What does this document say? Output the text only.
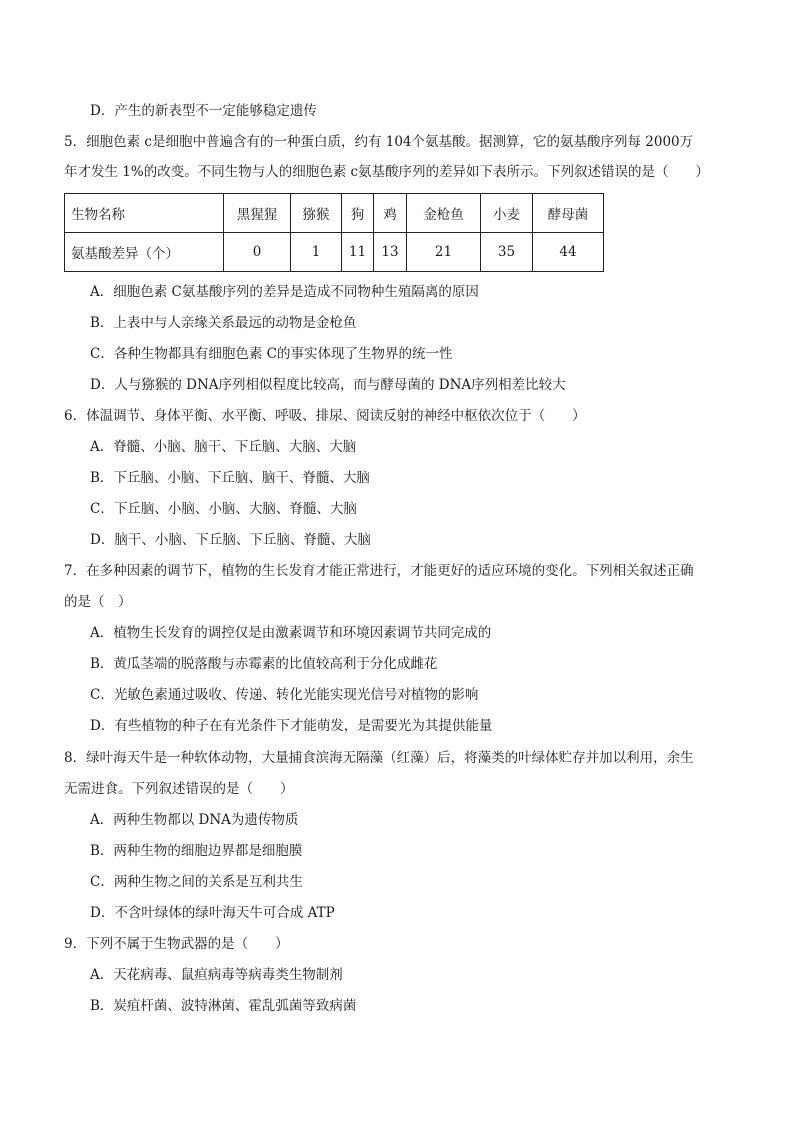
D．产生的新表型不一定能够稳定遗传
5．细胞色素 c是细胞中普遍含有的一种蛋白质，约有 104个氨基酸。据测算，它的氨基酸序列每 2000万
年才发生 1%的改变。不同生物与人的细胞色素 c氨基酸序列的差异如下表所示。下列叙述错误的是（　　）
生物名称	黑猩猩	猕猴	狗	鸡	金枪鱼	小麦	酵母菌
氨基酸差异（个）	0	1	11	13	21	35	44
A．细胞色素 C氨基酸序列的差异是造成不同物种生殖隔离的原因
B．上表中与人亲缘关系最远的动物是金枪鱼
C．各种生物都具有细胞色素 C的事实体现了生物界的统一性
D．人与猕猴的 DNA序列相似程度比较高，而与酵母菌的 DNA序列相差比较大
6．体温调节、身体平衡、水平衡、呼吸、排尿、阅读反射的神经中枢依次位于（　　）
A．脊髓、小脑、脑干、下丘脑、大脑、大脑
B．下丘脑、小脑、下丘脑、脑干、脊髓、大脑
C．下丘脑、小脑、小脑、大脑、脊髓、大脑
D．脑干、小脑、下丘脑、下丘脑、脊髓、大脑
7．在多种因素的调节下，植物的生长发育才能正常进行，才能更好的适应环境的变化。下列相关叙述正确
的是（　）
A．植物生长发育的调控仅是由激素调节和环境因素调节共同完成的
B．黄瓜茎端的脱落酸与赤霉素的比值较高利于分化成雌花
C．光敏色素通过吸收、传递、转化光能实现光信号对植物的影响
D．有些植物的种子在有光条件下才能萌发，是需要光为其提供能量
8．绿叶海天牛是一种软体动物，大量捕食滨海无隔藻（红藻）后，将藻类的叶绿体贮存并加以利用，余生
无需进食。下列叙述错误的是（　　）
A．两种生物都以 DNA为遗传物质
B．两种生物的细胞边界都是细胞膜
C．两种生物之间的关系是互利共生
D．不含叶绿体的绿叶海天牛可合成 ATP
9．下列不属于生物武器的是（　　）
A．天花病毒、鼠疸病毒等病毒类生物制剂
B．炭疽杆菌、波特淋菌、霍乱弧菌等致病菌
